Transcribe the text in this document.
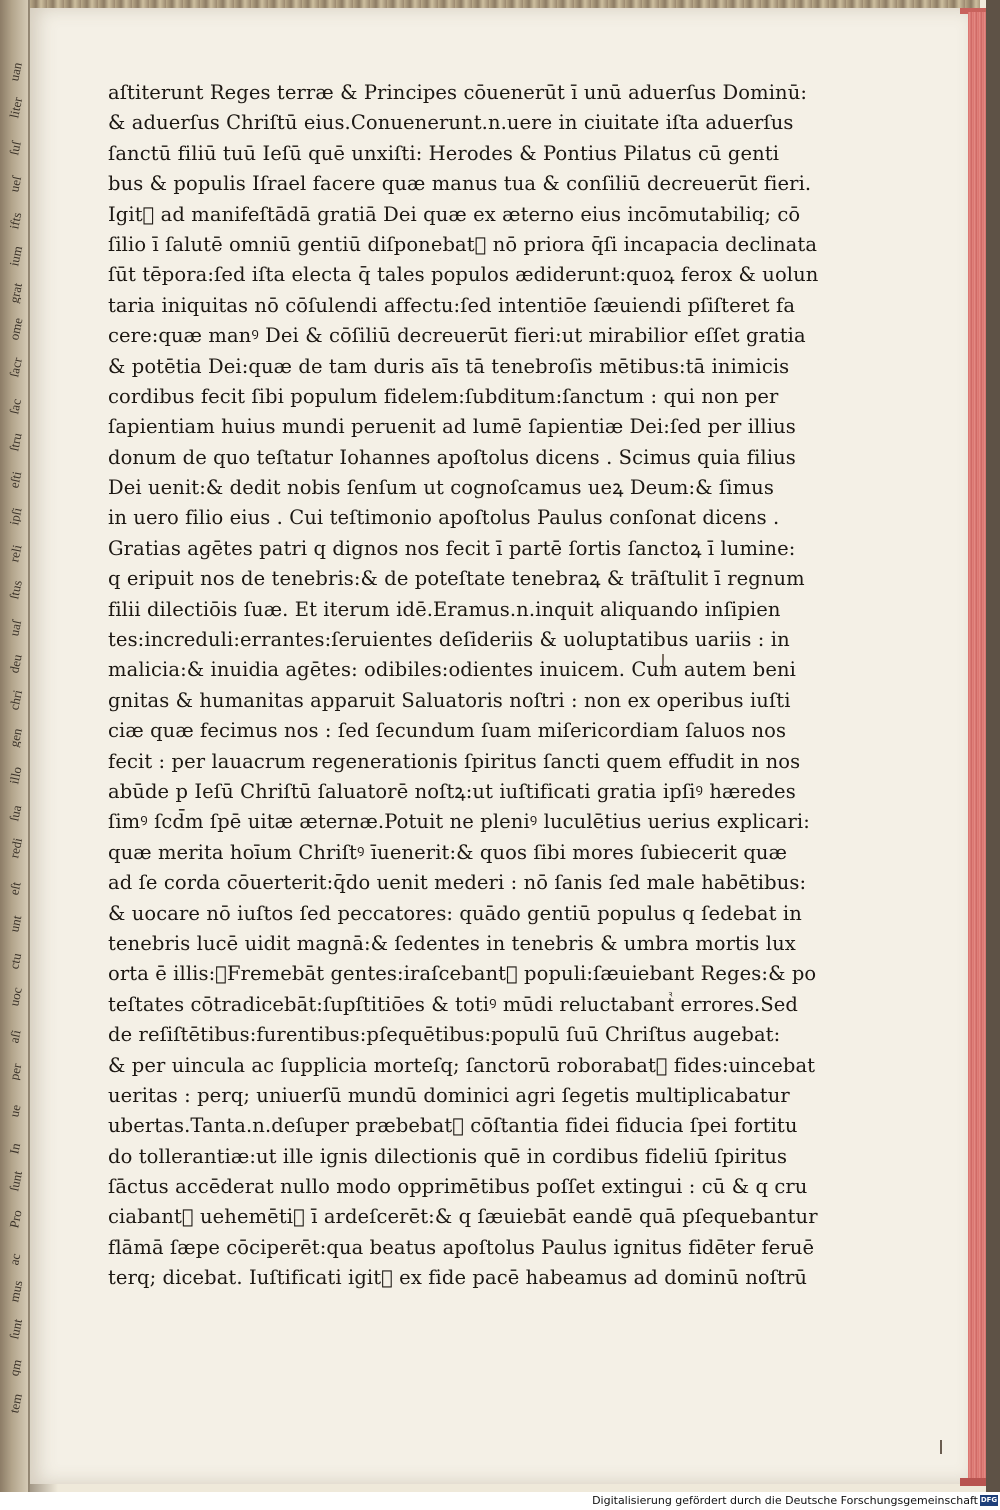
uan
liter
ſuſ
ueſ
ifts
ium
grat
ome
ſacr
ſac
ſtru
eſti
ipſi
reli
ſtus
uaſ
deu
chri
gen
illo
ſua
redi
eſt
unt
ctu
uoc
aſi
per
ue
In
ſunt
Pro
ac
mus
ſunt
qm
tem
aſtiterunt Reges terræ & Principes cōuenerūt ī unū aduerſus Dominū:
& aduerſus Chriſtū eius.Conuenerunt.n.uere in ciuitate iſta aduerſus
ſanctū filiū tuū Ieſū quē unxiſti: Herodes & Pontius Pilatus cū genti
bus & populis Iſrael facere quæ manus tua & conſiliū decreuerūt fieri.
Igitᷣ ad manifeſtādā gratiā Dei quæ ex æterno eius incōmutabiliq; cō
ſilio ī ſalutē omniū gentiū diſponebatᷣ nō priora q̄ſi incapacia declinata
ſūt tēpora:ſed iſta electa q̄ tales populos ædiderunt:quoꝝ ferox & uolun
taria iniquitas nō cōſulendi affectu:ſed intentiōe ſæuiendi pſiſteret fa
cere:quæ manꝰ Dei & cōſiliū decreuerūt fieri:ut mirabilior eſſet gratia
& potētia Dei:quæ de tam duris aīs tā tenebroſis mētibus:tā inimicis
cordibus fecit ſibi populum fidelem:ſubditum:ſanctum : qui non per
ſapientiam huius mundi peruenit ad lumē ſapientiæ Dei:ſed per illius
donum de quo teſtatur Iohannes apoſtolus dicens . Scimus quia filius
Dei uenit:& dedit nobis ſenſum ut cognoſcamus ueꝝ Deum:& ſimus
in uero filio eius . Cui teſtimonio apoſtolus Paulus conſonat dicens .
Gratias agētes patri q dignos nos fecit ī partē ſortis ſanctoꝝ ī lumine:
q eripuit nos de tenebris:& de poteſtate tenebraꝝ & trāſtulit ī regnum
filii dilectiōis ſuæ. Et iterum idē.Eramus.n.inquit aliquando inſipien
tes:increduli:errantes:ſeruientes deſideriis & uoluptatibus uariis : in
malicia:& inuidia agētes: odibiles:odientes inuicem. Cum autem beni
gnitas & humanitas apparuit Saluatoris noſtri : non ex operibus iuſti
ciæ quæ fecimus nos : ſed ſecundum ſuam miſericordiam ſaluos nos
fecit : per lauacrum regenerationis ſpiritus ſancti quem effudit in nos
abūde p Ieſū Chriſtū ſaluatorē noſtꝝ:ut iuſtificati gratia ipſiꝰ hæredes
ſimꝰ ſcd̄m ſpē uitæ æternæ.Potuit ne pleniꝰ luculētius uerius explicari:
quæ merita hoīum Chriſtꝰ īuenerit:& quos ſibi mores ſubiecerit quæ
ad ſe corda cōuerterit:q̄do uenit mederi : nō ſanis ſed male habētibus:
& uocare nō iuſtos ſed peccatores: quādo gentiū populus q ſedebat in
tenebris lucē uidit magnā:& ſedentes in tenebris & umbra mortis lux
orta ē illis:ᷣFremebāt gentes:iraſcebantᷣ populi:ſæuiebant Reges:& po
teſtates cōtradicebāt:ſupſtitiōes & totiꝰ mūdi reluctabantᷣ errores.Sed
de reſiſtētibus:furentibus:pſequētibus:populū ſuū Chriſtus augebat:
& per uincula ac ſupplicia morteſq; ſanctorū roborabatᷣ fides:uincebat
ueritas : perq; uniuerſū mundū dominici agri ſegetis multiplicabatur
ubertas.Tanta.n.deſuper præbebatᷣ cōſtantia fidei fiducia ſpei fortitu
do tollerantiæ:ut ille ignis dilectionis quē in cordibus fideliū ſpiritus
ſāctus accēderat nullo modo opprimētibus poſſet extingui : cū & q cru
ciabantᷣ uehemētiꝰ ī ardeſcerēt:& q ſæuiebāt eandē quā pſequebantur
flāmā ſæpe cōciperēt:qua beatus apoſtolus Paulus ignitus fidēter feruē
terq; dicebat. Iuſtificati igitᷣ ex fide pacē habeamus ad dominū noſtrū
Digitalisierung gefördert durch die Deutsche Forschungsgemeinschaft DFG
